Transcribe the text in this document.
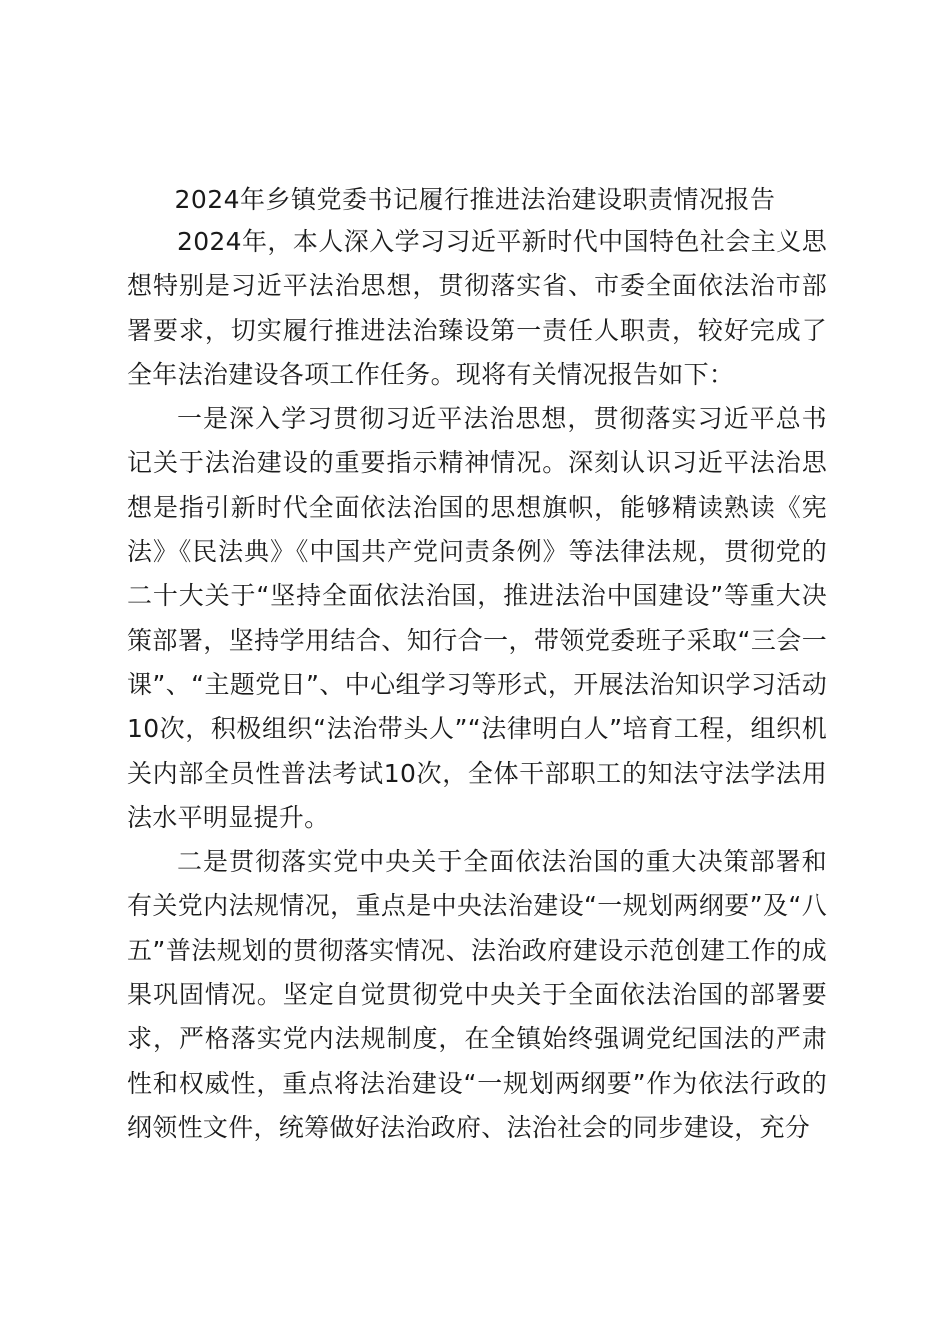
2024年乡镇党委书记履行推进法治建设职责情况报告

2024年，本人深入学习习近平新时代中国特色社会主义思想特别是习近平法治思想，贯彻落实省、市委全面依法治市部署要求，切实履行推进法治臻设第一责任人职责，较好完成了全年法治建设各项工作任务。现将有关情况报告如下：

一是深入学习贯彻习近平法治思想，贯彻落实习近平总书记关于法治建设的重要指示精神情况。深刻认识习近平法治思想是指引新时代全面依法治国的思想旗帜，能够精读熟读《宪法》《民法典》《中国共产党问责条例》等法律法规，贯彻党的二十大关于“坚持全面依法治国，推进法治中国建设”等重大决策部署，坚持学用结合、知行合一，带领党委班子采取“三会一课”、“主题党日”、中心组学习等形式，开展法治知识学习活动10次，积极组织“法治带头人”“法律明白人”培育工程，组织机关内部全员性普法考试10次，全体干部职工的知法守法学法用法水平明显提升。

二是贯彻落实党中央关于全面依法治国的重大决策部署和有关党内法规情况，重点是中央法治建设“一规划两纲要”及“八五”普法规划的贯彻落实情况、法治政府建设示范创建工作的成果巩固情况。坚定自觉贯彻党中央关于全面依法治国的部署要求，严格落实党内法规制度，在全镇始终强调党纪国法的严肃性和权威性，重点将法治建设“一规划两纲要”作为依法行政的纲领性文件，统筹做好法治政府、法治社会的同步建设，充分
